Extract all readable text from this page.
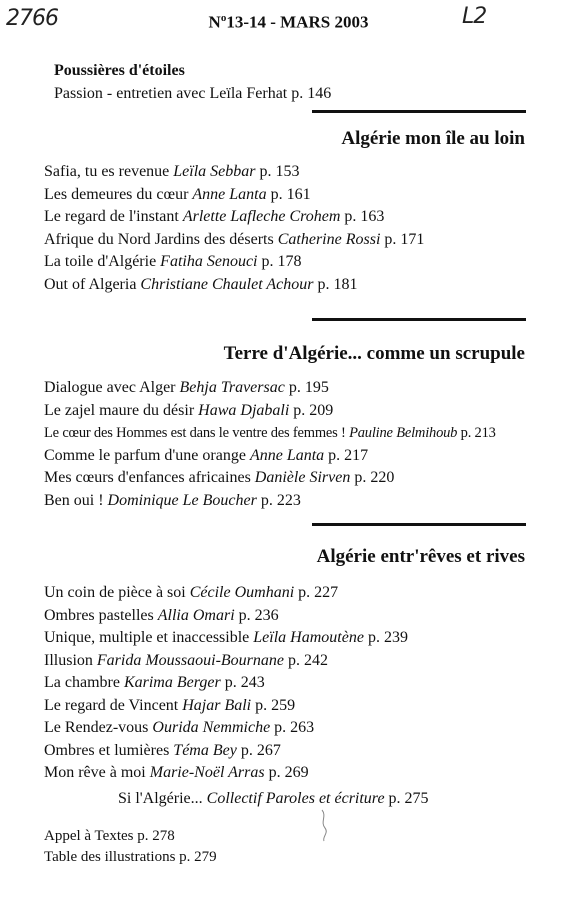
2766	L2
$N^o13-14$ - MARS 2003
Poussières d'étoiles
Passion - entretien avec Leïla Ferhat p. 146
Algérie mon île au loin
Safia, tu es revenue Leïla Sebbar p. 153
Les demeures du cœur Anne Lanta p. 161
Le regard de l'instant Arlette Lafleche Crohem p. 163
Afrique du Nord Jardins des déserts Catherine Rossi p. 171
La toile d'Algérie Fatiha Senouci p. 178
Out of Algeria Christiane Chaulet Achour p. 181
Terre d'Algérie... comme un scrupule
Dialogue avec Alger Behja Traversac p. 195
Le zajel maure du désir Hawa Djabali p. 209
Le cœur des Hommes est dans le ventre des femmes ! Pauline Belmihoub p. 213
Comme le parfum d'une orange Anne Lanta p. 217
Mes cœurs d'enfances africaines Danièle Sirven p. 220
Ben oui ! Dominique Le Boucher p. 223
Algérie entr'rêves et rives
Un coin de pièce à soi Cécile Oumhani p. 227
Ombres pastelles Allia Omari p. 236
Unique, multiple et inaccessible Leïla Hamoutène p. 239
Illusion Farida Moussaoui-Bournane p. 242
La chambre Karima Berger p. 243
Le regard de Vincent Hajar Bali p. 259
Le Rendez-vous Ourida Nemmiche p. 263
Ombres et lumières Téma Bey p. 267
Mon rêve à moi Marie-Noël Arras p. 269
Si l'Algérie... Collectif Paroles et écriture p. 275
Appel à Textes p. 278
Table des illustrations p. 279
